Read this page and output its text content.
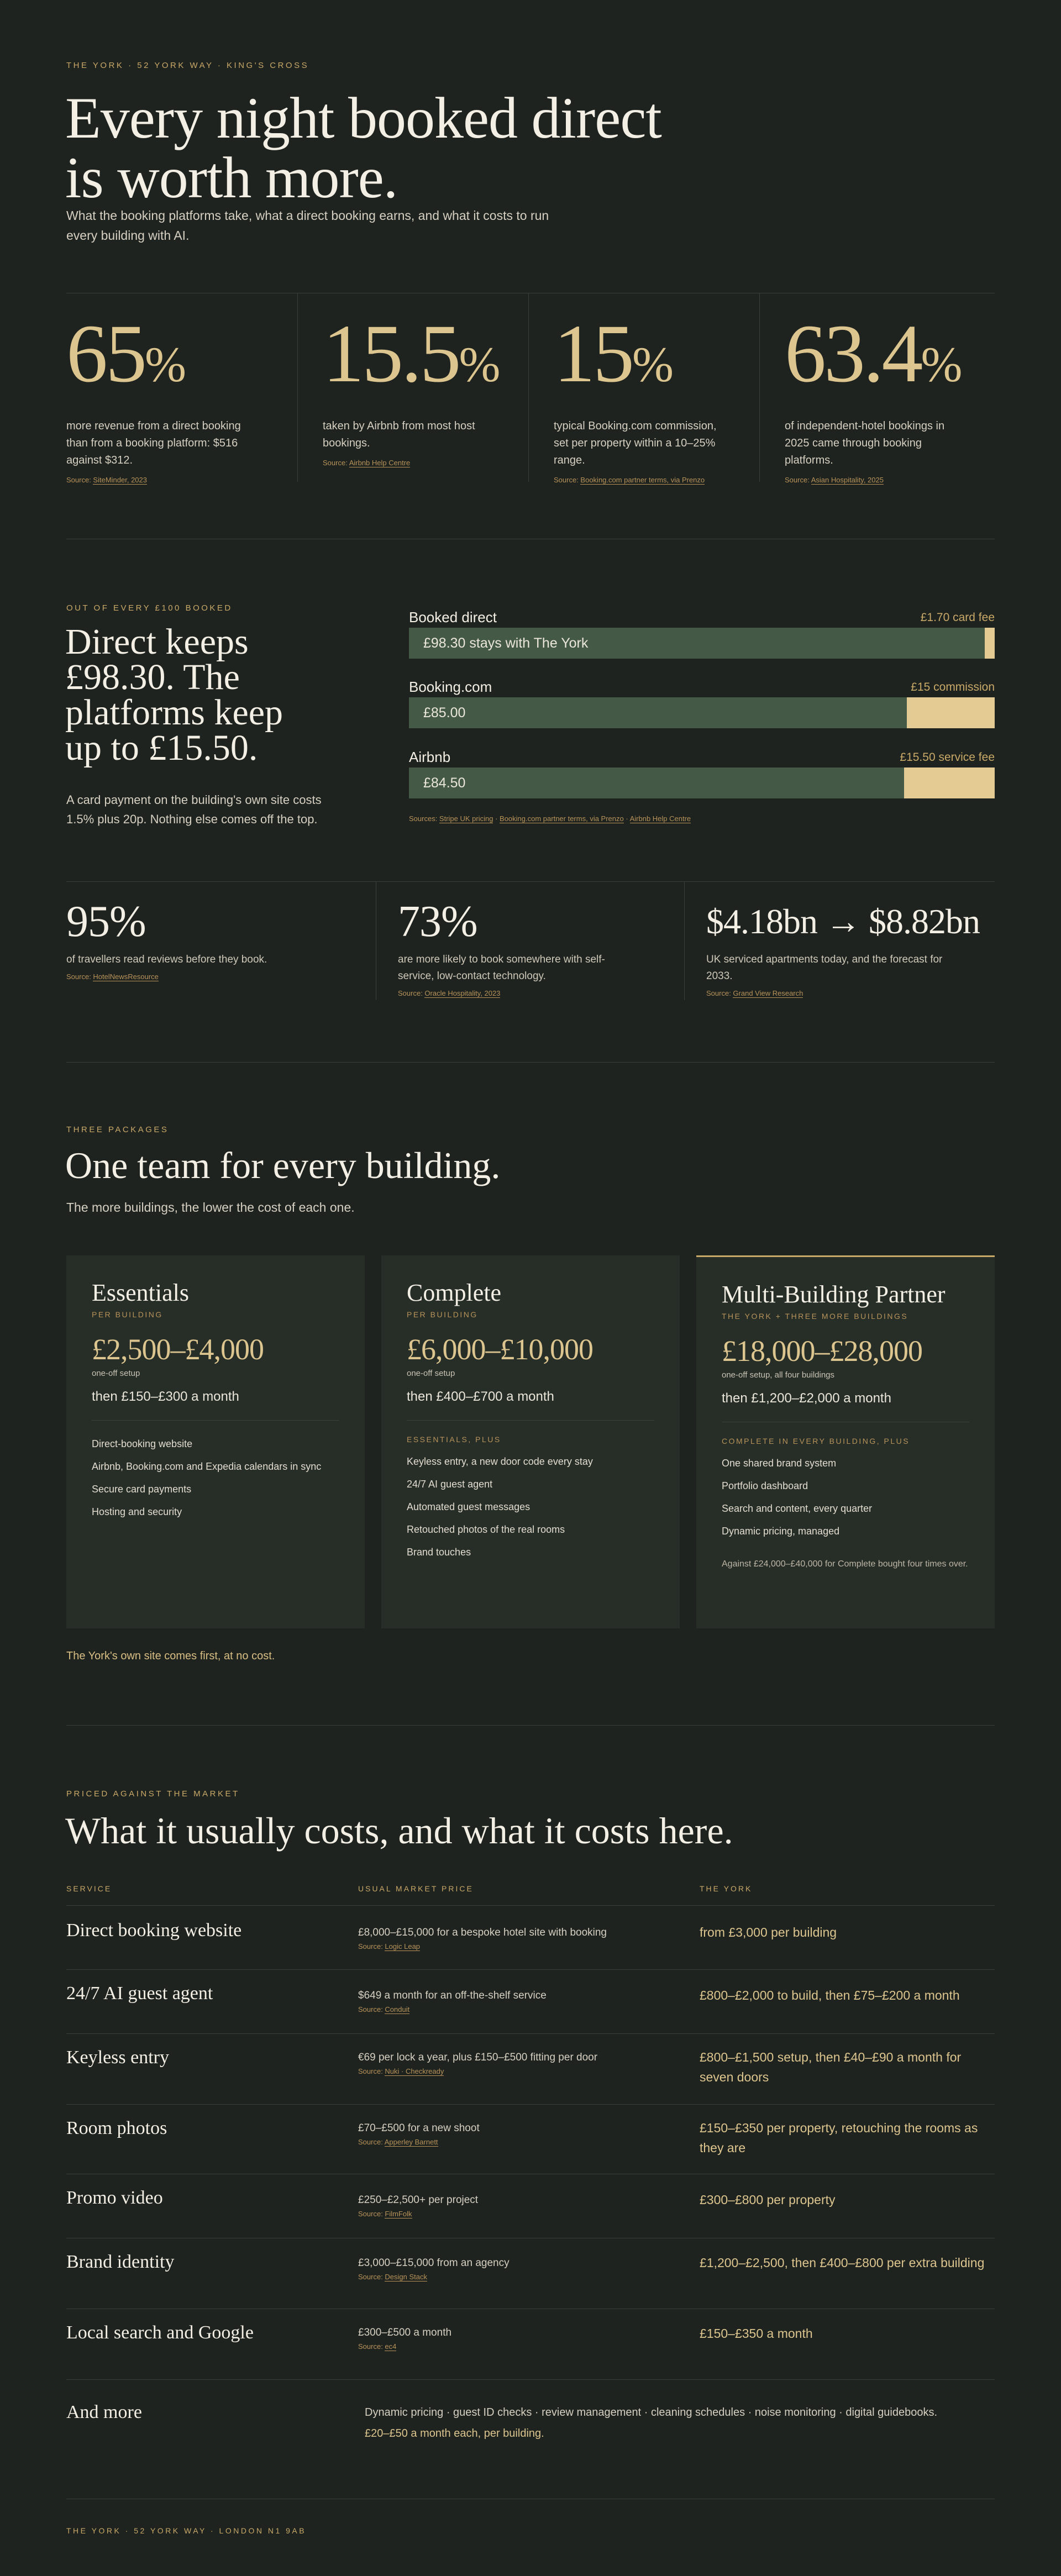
THE YORK · 52 YORK WAY · KING'S CROSS
Every night booked direct
is worth more.
What the booking platforms take, what a direct booking earns, and what it costs to run
every building with AI.
65%
more revenue from a direct booking
than from a booking platform: $516
against $312.
Source: SiteMinder, 2023
15.5%
taken by Airbnb from most host
bookings.
Source: Airbnb Help Centre
15%
typical Booking.com commission,
set per property within a 10–25%
range.
Source: Booking.com partner terms, via Prenzo
63.4%
of independent-hotel bookings in
2025 came through booking
platforms.
Source: Asian Hospitality, 2025
OUT OF EVERY £100 BOOKED
Direct keeps
£98.30. The
platforms keep
up to £15.50.
A card payment on the building's own site costs
1.5% plus 20p. Nothing else comes off the top.
Booked direct	£1.70 card fee
£98.30 stays with The York
Booking.com	£15 commission
£85.00
Airbnb	£15.50 service fee
£84.50
Sources: Stripe UK pricing · Booking.com partner terms, via Prenzo · Airbnb Help Centre
95%
of travellers read reviews before they book.
Source: HotelNewsResource
73%
are more likely to book somewhere with self-
service, low-contact technology.
Source: Oracle Hospitality, 2023
$4.18bn → $8.82bn
UK serviced apartments today, and the forecast for
2033.
Source: Grand View Research
THREE PACKAGES
One team for every building.
The more buildings, the lower the cost of each one.
Essentials
PER BUILDING
£2,500–£4,000
one-off setup
then £150–£300 a month
Direct-booking website
Airbnb, Booking.com and Expedia calendars in sync
Secure card payments
Hosting and security
Complete
PER BUILDING
£6,000–£10,000
one-off setup
then £400–£700 a month
ESSENTIALS, PLUS
Keyless entry, a new door code every stay
24/7 AI guest agent
Automated guest messages
Retouched photos of the real rooms
Brand touches
Multi-Building Partner
THE YORK + THREE MORE BUILDINGS
£18,000–£28,000
one-off setup, all four buildings
then £1,200–£2,000 a month
COMPLETE IN EVERY BUILDING, PLUS
One shared brand system
Portfolio dashboard
Search and content, every quarter
Dynamic pricing, managed
Against £24,000–£40,000 for Complete bought four times over.
The York's own site comes first, at no cost.
PRICED AGAINST THE MARKET
What it usually costs, and what it costs here.
SERVICE	USUAL MARKET PRICE	THE YORK
Direct booking website	£8,000–£15,000 for a bespoke hotel site with booking
Source: Logic Leap
from £3,000 per building
24/7 AI guest agent	$649 a month for an off-the-shelf service
Source: Conduit
£800–£2,000 to build, then £75–£200 a month
Keyless entry	€69 per lock a year, plus £150–£500 fitting per door
Source: Nuki · Checkready
£800–£1,500 setup, then £40–£90 a month for seven doors
Room photos	£70–£500 for a new shoot
Source: Apperley Barnett
£150–£350 per property, retouching the rooms as they are
Promo video	£250–£2,500+ per project
Source: FilmFolk
£300–£800 per property
Brand identity	£3,000–£15,000 from an agency
Source: Design Stack
£1,200–£2,500, then £400–£800 per extra building
Local search and Google	£300–£500 a month
Source: ec4
£150–£350 a month
And more	Dynamic pricing · guest ID checks · review management · cleaning schedules · noise monitoring · digital guidebooks.
£20–£50 a month each, per building.
THE YORK · 52 YORK WAY · LONDON N1 9AB
